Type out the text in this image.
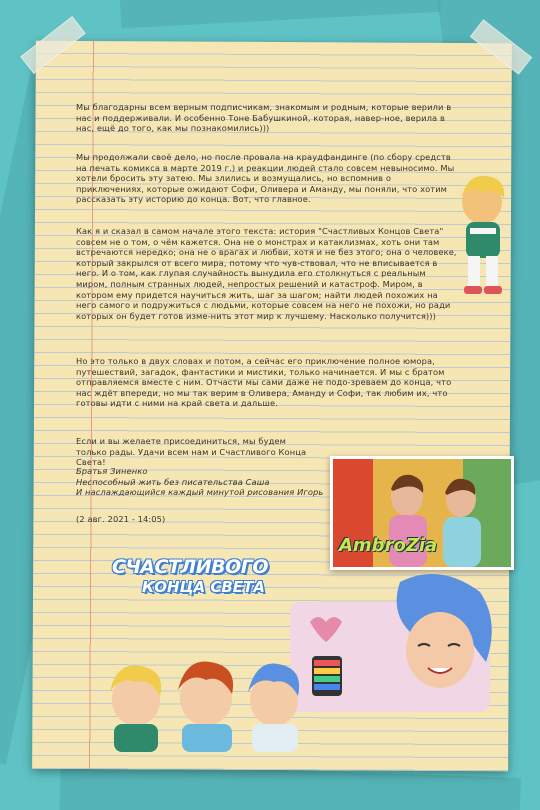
Мы благодарны всем верным подписчикам, знакомым и родным, которые верили в нас и поддерживали. И особенно Тоне Бабушкиной, которая, навер-ное, верила в нас, ещё до того, как мы познакомились)))
Мы продолжали своё дело, но после провала на краудфандинге (по сбору средств на печать комикса в марте 2019 г.) и реакции людей стало совсем невыносимо. Мы хотели бросить эту затею. Мы злились и возмущались, но вспомнив о приключениях, которые ожидают Софи, Оливера и Аманду, мы поняли, что хотим рассказать эту историю до конца. Вот, что главное.
Как я и сказал в самом начале этого текста: история "Счастливых Концов Света" совсем не о том, о чём кажется. Она не о монстрах и катаклизмах, хоть они там встречаются нередко; она не о врагах и любви, хотя и не без этого; она о человеке, который закрылся от всего мира, потому что чув-ствовал, что не вписывается в него. И о том, как глупая случайность вынудила его столкнуться с реальным миром, полным странных людей, непростых решений и катастроф. Миром, в котором ему придется научиться жить, шаг за шагом; найти людей похожих на него самого и подружиться с людьми, которые совсем на него не похожи, но ради которых он будет готов изме-нить этот мир к лучшему. Насколько получится)))
Но это только в двух словах и потом, а сейчас его приключение полное юмора, путешествий, загадок, фантастики и мистики, только начинается. И мы с братом отправляемся вместе с ним. Отчасти мы сами даже не подо-зреваем до конца, что нас ждёт впереди, но мы так верим в Оливера, Аманду и Софи, так любим их, что готовы идти с ними на край света и дальше.
Если и вы желаете присоединиться, мы будем только рады. Удачи всем нам и Счастливого Конца Света!
Братья Зиненко
Неспособный жить без писательства Саша
И наслаждающийся каждый минутой рисования Игорь
(2 авг. 2021 - 14:05)
AmbroZia
СЧАСТЛИВОГО
КОНЦА СВЕТА
